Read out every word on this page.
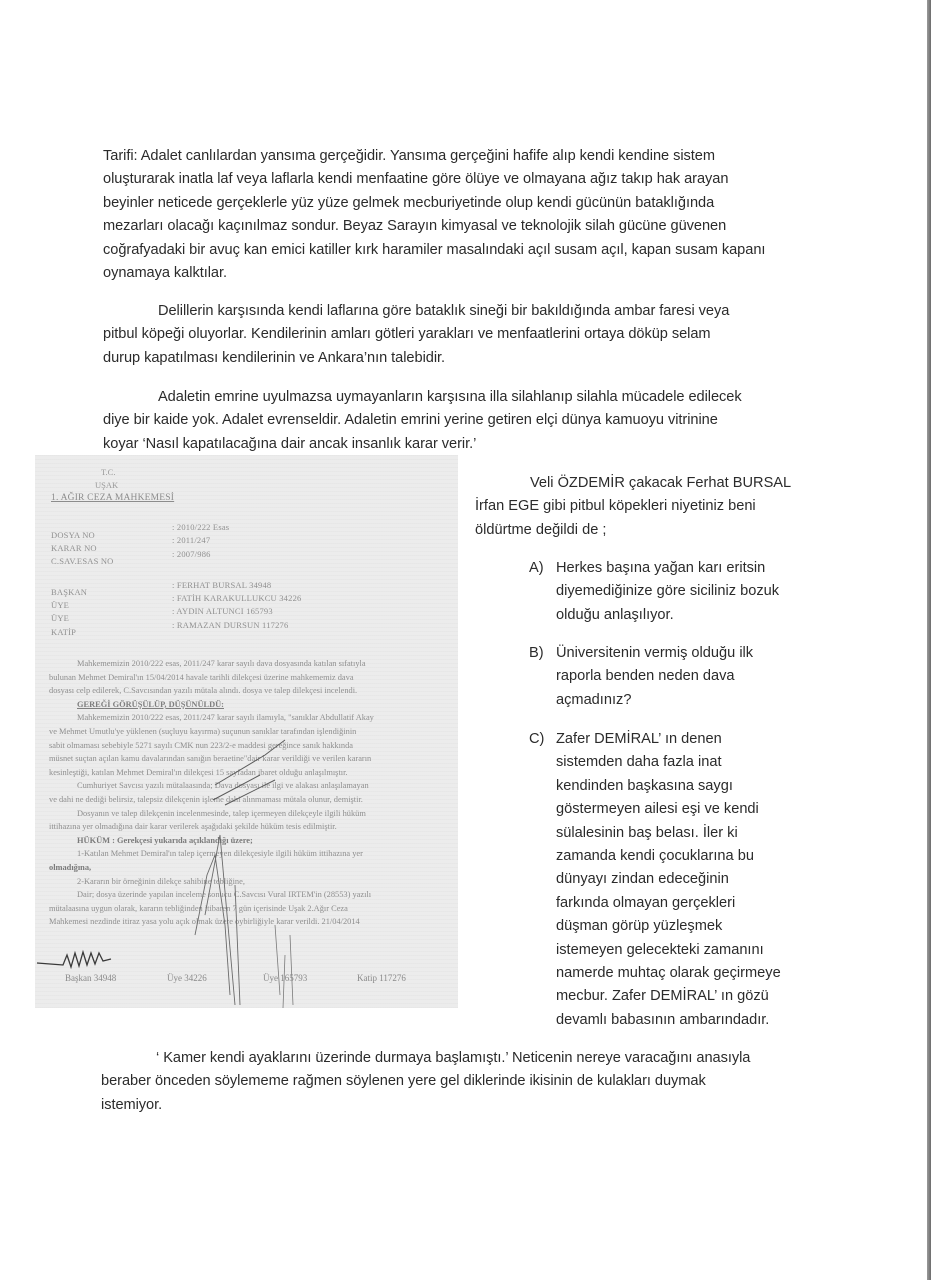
Tarifi: Adalet canlılardan yansıma gerçeğidir. Yansıma gerçeğini hafife alıp kendi kendine sistem
oluşturarak inatla laf veya laflarla kendi menfaatine göre ölüye ve olmayana ağız takıp hak arayan
beyinler neticede gerçeklerle yüz yüze gelmek mecburiyetinde olup kendi gücünün bataklığında
mezarları olacağı kaçınılmaz sondur. Beyaz Sarayın kimyasal ve teknolojik silah gücüne güvenen
coğrafyadaki bir avuç kan emici katiller kırk haramiler masalındaki açıl susam açıl, kapan susam kapanı
oynamaya kalktılar.
Delillerin karşısında kendi laflarına göre bataklık sineği bir bakıldığında ambar faresi veya
pitbul köpeği oluyorlar. Kendilerinin amları götleri yarakları ve menfaatlerini ortaya döküp selam
durup kapatılması kendilerinin ve Ankara’nın talebidir.
Adaletin emrine uyulmazsa uymayanların karşısına illa silahlanıp silahla mücadele edilecek
diye bir kaide yok. Adalet evrenseldir. Adaletin emrini yerine getiren elçi dünya kamuoyu vitrinine
koyar ‘Nasıl kapatılacağına dair ancak insanlık karar verir.’
T.C.
UŞAK
1. AĞIR CEZA MAHKEMESİ
DOSYA NO
: 2010/222 Esas
KARAR NO
: 2011/247
C.SAV.ESAS NO
: 2007/986
BAŞKAN
: FERHAT BURSAL 34948
ÜYE
: FATİH KARAKULLUKCU 34226
ÜYE
: AYDIN ALTUNCI 165793
KATİP
: RAMAZAN DURSUN 117276
Mahkememizin 2010/222 esas, 2011/247 karar sayılı dava dosyasında katılan sıfatıyla
bulunan Mehmet Demiral'ın 15/04/2014 havale tarihli dilekçesi üzerine mahkememiz dava
dosyası celp edilerek, C.Savcısından yazılı mütala alındı. dosya ve talep dilekçesi incelendi.
GEREĞİ GÖRÜŞÜLÜP, DÜŞÜNÜLDÜ:
Mahkememizin 2010/222 esas, 2011/247 karar sayılı ilamıyla, "sanıklar Abdullatif Akay
ve Mehmet Umutlu'ye yüklenen (suçluyu kayırma) suçunun sanıklar tarafından işlendiğinin
sabit olmaması sebebiyle 5271 sayılı CMK nun 223/2-e maddesi gereğince sanık hakkında
müsnet suçtan açılan kamu davalarından sanığın beraetine"dair karar verildiği ve verilen kararın
kesinleştiği, katılan Mehmet Demiral'ın dilekçesi 15 sayfadan ibaret olduğu anlaşılmıştır.
Cumhuriyet Savcısı yazılı mütalaasında; Dava dosyası ile ilgi ve alakası anlaşılamayan
ve dahi ne dediği belirsiz, talepsiz dilekçenin işleme dahi alınmaması mütala olunur, demiştir.
Dosyanın ve talep dilekçenin incelenmesinde, talep içermeyen dilekçeyle ilgili hüküm
ittihazına yer olmadığına dair karar verilerek aşağıdaki şekilde hüküm tesis edilmiştir.
HÜKÜM : Gerekçesi yukarıda açıklandığı üzere;
1-Katılan Mehmet Demiral'ın talep içermeyen dilekçesiyle ilgili hüküm ittihazına yer
olmadığına,
2-Kararın bir örneğinin dilekçe sahibine tebliğine,
Dair; dosya üzerinde yapılan inceleme sonucu C.Savcısı Vural IRTEM'in (28553) yazılı
mütalaasına uygun olarak, kararın tebliğinden itibaren 7 gün içerisinde Uşak 2.Ağır Ceza
Mahkemesi nezdinde itiraz yasa yolu açık olmak üzere oybirliğiyle karar verildi. 21/04/2014
Başkan 34948	Üye 34226	Üye 165793	Katip 117276
Veli ÖZDEMİR çakacak Ferhat BURSAL
İrfan EGE gibi pitbul köpekleri niyetiniz beni
öldürtme değildi de ;
A) Herkes başına yağan karı eritsin
diyemediğinize göre siciliniz bozuk
olduğu anlaşılıyor.
B) Üniversitenin vermiş olduğu ilk
raporla benden neden dava
açmadınız?
C) Zafer DEMİRAL’ ın denen
sistemden daha fazla inat
kendinden başkasına saygı
göstermeyen ailesi eşi ve kendi
sülalesinin baş belası. İler ki
zamanda kendi çocuklarına bu
dünyayı zindan edeceğinin
farkında olmayan gerçekleri
düşman görüp yüzleşmek
istemeyen gelecekteki zamanını
namerde muhtaç olarak geçirmeye
mecbur. Zafer DEMİRAL’ ın gözü
devamlı babasının ambarındadır.
‘ Kamer kendi ayaklarını üzerinde durmaya başlamıştı.’ Neticenin nereye varacağını anasıyla
beraber önceden söylememe rağmen söylenen yere gel diklerinde ikisinin de kulakları duymak
istemiyor.
